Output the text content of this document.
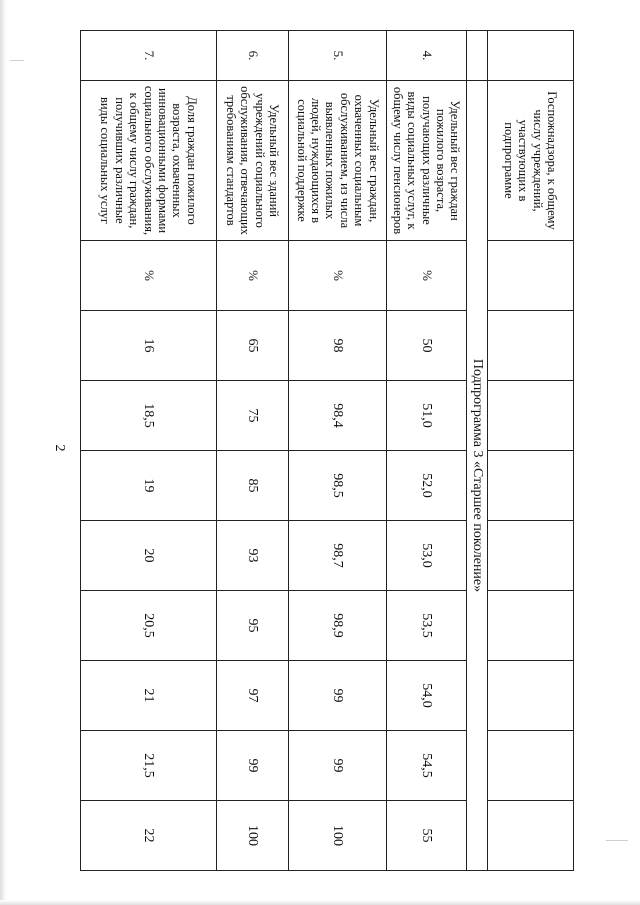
2
	Госпожнадзора, к общему числу учреждений, участвующих в подпрограмме									
	Подпрограмма 3 «Старшее поколение»									
4.	Удельный вес граждан пожилого возраста, получающих различные виды социальных услуг, к общему числу пенсионеров	%	50	51,0	52,0	53,0	53,5	54,0	54,5	55
5.	Удельный вес граждан, охваченных социальным обслуживанием, из числа выявленных пожилых людей, нуждающихся в социальной поддержке	%	98	98,4	98,5	98,7	98,9	99	99	100
6.	Удельный вес зданий учреждений социального обслуживания, отвечающих требованиям стандартов	%	65	75	85	93	95	97	99	100
7.	Доля граждан пожилого возраста, охваченных инновационными формами социального обслуживания, к общему числу граждан, получивших различные виды социальных услуг	%	16	18,5	19	20	20,5	21	21,5	22
